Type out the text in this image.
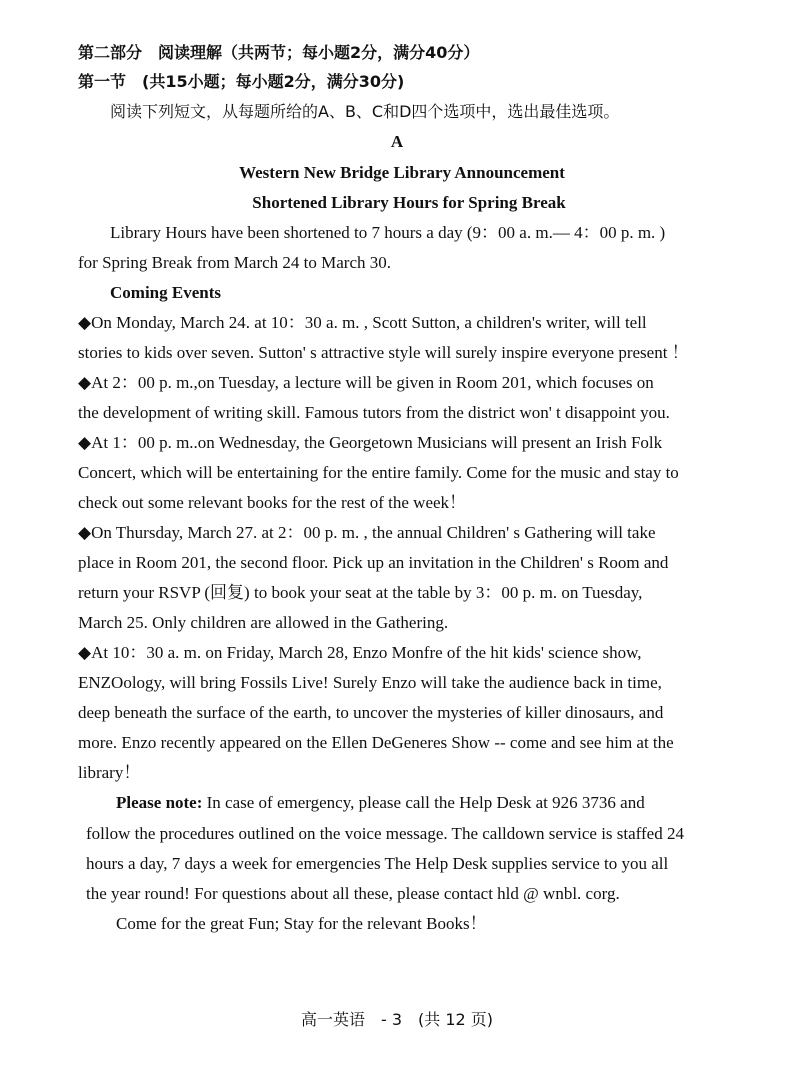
第二部分　阅读理解（共两节；每小题2分，满分40分）
第一节　(共15小题；每小题2分，满分30分)
阅读下列短文，从每题所给的A、B、C和D四个选项中，选出最佳选项。
A
Western New Bridge Library Announcement
Shortened Library Hours for Spring Break
Library Hours have been shortened to 7 hours a day (9：00 a. m.— 4：00 p. m. )
for Spring Break from March 24 to March 30.
Coming Events
◆On Monday, March 24. at 10：30 a. m. , Scott Sutton, a children's writer, will tell
stories to kids over seven. Sutton' s attractive style will surely inspire everyone present ！
◆At 2：00 p. m.,on Tuesday, a lecture will be given in Room 201, which focuses on
the development of writing skill. Famous tutors from the district won' t disappoint you.
◆At 1：00 p. m..on Wednesday, the Georgetown Musicians will present an Irish Folk
Concert, which will be entertaining for the entire family. Come for the music and stay to
check out some relevant books for the rest of the week！
◆On Thursday, March 27. at 2：00 p. m. , the annual Children' s Gathering will take
place in Room 201, the second floor. Pick up an invitation in the Children' s Room and
return your RSVP (回复) to book your seat at the table by 3：00 p. m. on Tuesday,
March 25. Only children are allowed in the Gathering.
◆At 10：30 a. m. on Friday, March 28, Enzo Monfre of the hit kids' science show,
ENZOology, will bring Fossils Live! Surely Enzo will take the audience back in time,
deep beneath the surface of the earth, to uncover the mysteries of killer dinosaurs, and
more. Enzo recently appeared on the Ellen DeGeneres Show -- come and see him at the
library！
Please note: In case of emergency, please call the Help Desk at 926 3736 and
follow the procedures outlined on the voice message. The calldown service is staffed 24
hours a day, 7 days a week for emergencies The Help Desk supplies service to you all
the year round! For questions about all these, please contact hld @ wnbl. corg.
Come for the great Fun; Stay for the relevant Books！
高一英语　- 3　(共 12 页)
